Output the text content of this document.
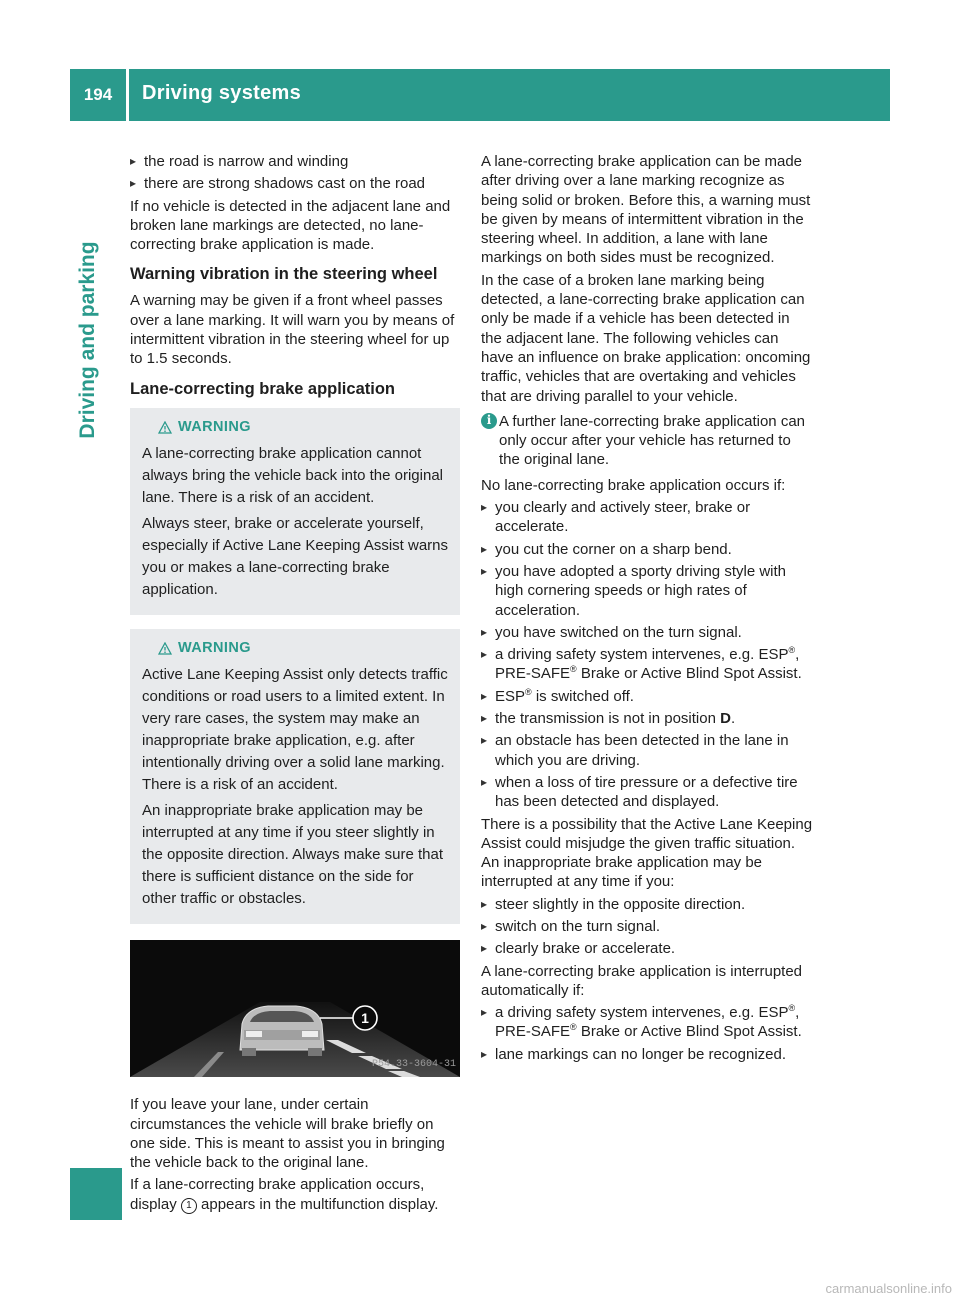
194	Driving systems
Driving and parking
▸ the road is narrow and winding
▸ there are strong shadows cast on the road

If no vehicle is detected in the adjacent lane and broken lane markings are detected, no lane-correcting brake application is made.

Warning vibration in the steering wheel

A warning may be given if a front wheel passes over a lane marking. It will warn you by means of intermittent vibration in the steering wheel for up to 1.5 seconds.

Lane-correcting brake application
WARNING

A lane-correcting brake application cannot always bring the vehicle back into the original lane. There is a risk of an accident.

Always steer, brake or accelerate yourself, especially if Active Lane Keeping Assist warns you or makes a lane-correcting brake application.

WARNING

Active Lane Keeping Assist only detects traffic conditions or road users to a limited extent. In very rare cases, the system may make an inappropriate brake application, e.g. after intentionally driving over a solid lane marking. There is a risk of an accident.

An inappropriate brake application may be interrupted at any time if you steer slightly in the opposite direction. Always make sure that there is sufficient distance on the side for other traffic or obstacles.

1
P54.33-3604-31

If you leave your lane, under certain circumstances the vehicle will brake briefly on one side. This is meant to assist you in bringing the vehicle back to the original lane.

If a lane-correcting brake application occurs, display 1 appears in the multifunction display.

A lane-correcting brake application can be made after driving over a lane marking recognize as being solid or broken. Before this, a warning must be given by means of intermittent vibration in the steering wheel. In addition, a lane with lane markings on both sides must be recognized.

In the case of a broken lane marking being detected, a lane-correcting brake application can only be made if a vehicle has been detected in the adjacent lane. The following vehicles can have an influence on brake application: oncoming traffic, vehicles that are overtaking and vehicles that are driving parallel to your vehicle.

i A further lane-correcting brake application can only occur after your vehicle has returned to the original lane.

No lane-correcting brake application occurs if:

▸ you clearly and actively steer, brake or accelerate.
▸ you cut the corner on a sharp bend.
▸ you have adopted a sporty driving style with high cornering speeds or high rates of acceleration.
▸ you have switched on the turn signal.
▸ a driving safety system intervenes, e.g. ESP®, PRE-SAFE® Brake or Active Blind Spot Assist.
▸ ESP® is switched off.
▸ the transmission is not in position D.
▸ an obstacle has been detected in the lane in which you are driving.
▸ when a loss of tire pressure or a defective tire has been detected and displayed.

There is a possibility that the Active Lane Keeping Assist could misjudge the given traffic situation. An inappropriate brake application may be interrupted at any time if you:

▸ steer slightly in the opposite direction.
▸ switch on the turn signal.
▸ clearly brake or accelerate.

A lane-correcting brake application is interrupted automatically if:

▸ a driving safety system intervenes, e.g. ESP®, PRE-SAFE® Brake or Active Blind Spot Assist.
▸ lane markings can no longer be recognized.
carmanualsonline.info
